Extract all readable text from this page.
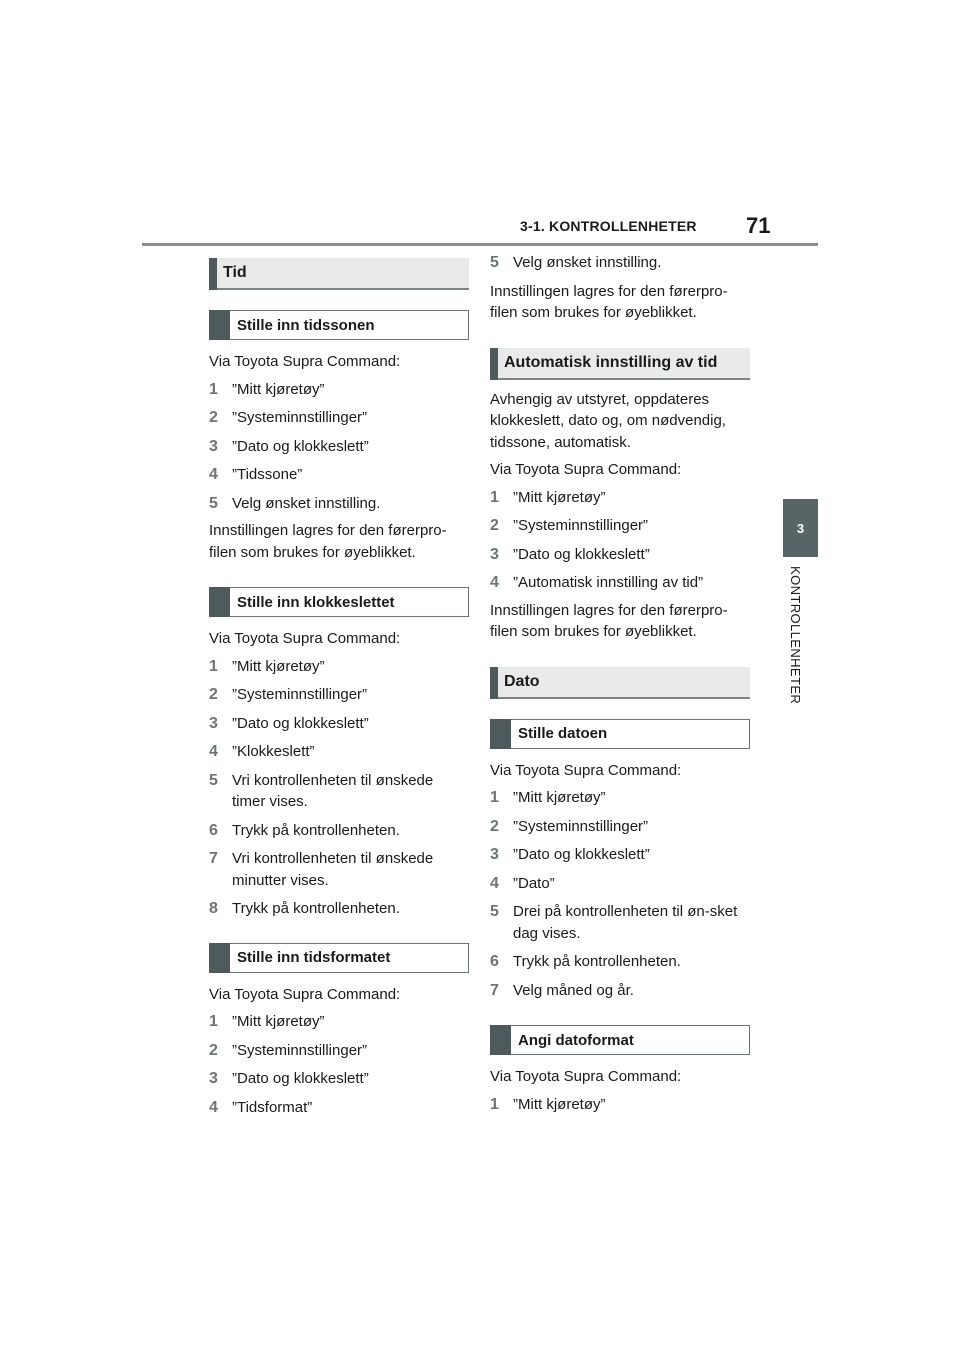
3-1. KONTROLLENHETER 71
3
KONTROLLENHETER
Tid
Stille inn tidssonen

Via Toyota Supra Command:

1 ”Mitt kjøretøy”
2 ”Systeminnstillinger”
3 ”Dato og klokkeslett”
4 ”Tidssone”
5 Velg ønsket innstilling.

Innstillingen lagres for den førerpro-filen som brukes for øyeblikket.

Stille inn klokkeslettet

Via Toyota Supra Command:

1 ”Mitt kjøretøy”
2 ”Systeminnstillinger”
3 ”Dato og klokkeslett”
4 ”Klokkeslett”
5 Vri kontrollenheten til ønskede timer vises.
6 Trykk på kontrollenheten.
7 Vri kontrollenheten til ønskede minutter vises.
8 Trykk på kontrollenheten.
Stille inn tidsformatet

Via Toyota Supra Command:

1 ”Mitt kjøretøy”
2 ”Systeminnstillinger”
3 ”Dato og klokkeslett”
4 ”Tidsformat”
5 Velg ønsket innstilling.

Innstillingen lagres for den førerpro-filen som brukes for øyeblikket.

Automatisk innstilling av tid

Avhengig av utstyret, oppdateres klokkeslett, dato og, om nødvendig, tidssone, automatisk.

Via Toyota Supra Command:

1 ”Mitt kjøretøy”
2 ”Systeminnstillinger”
3 ”Dato og klokkeslett”
4 ”Automatisk innstilling av tid”

Innstillingen lagres for den førerpro-filen som brukes for øyeblikket.

Dato
Stille datoen

Via Toyota Supra Command:

1 ”Mitt kjøretøy”
2 ”Systeminnstillinger”
3 ”Dato og klokkeslett”
4 ”Dato”
5 Drei på kontrollenheten til øn-sket dag vises.
6 Trykk på kontrollenheten.
7 Velg måned og år.
Angi datoformat

Via Toyota Supra Command:

1 ”Mitt kjøretøy”
